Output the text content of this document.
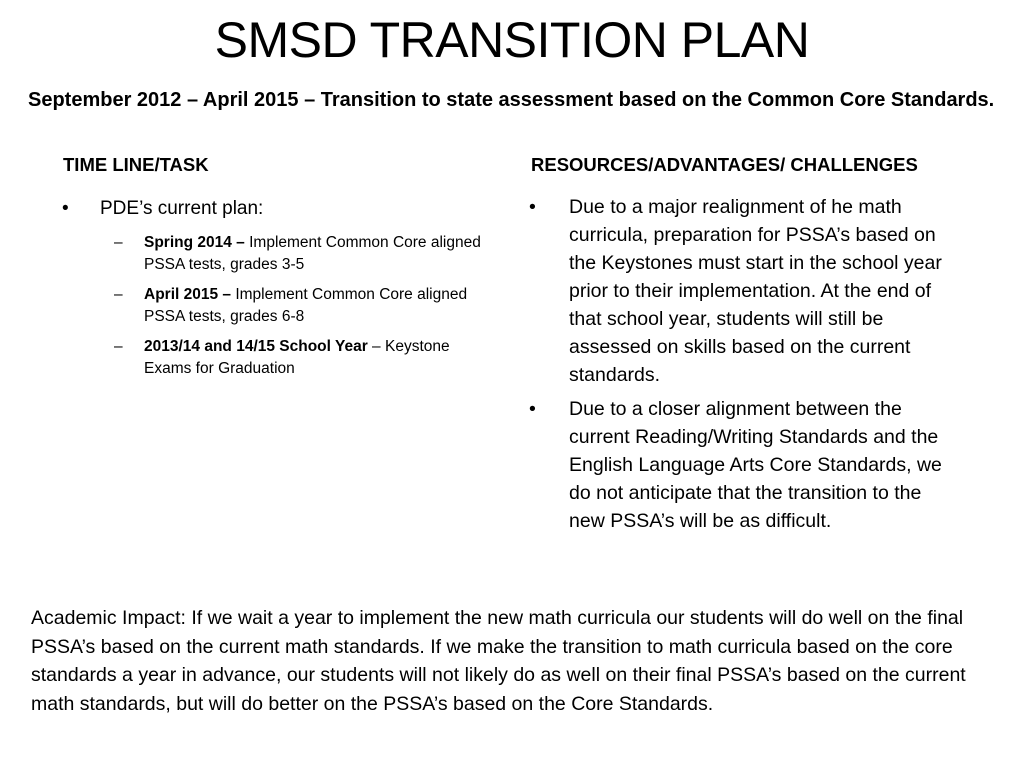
SMSD TRANSITION PLAN
September 2012 – April 2015 – Transition to state assessment based on the Common Core Standards.
TIME LINE/TASK	RESOURCES/ADVANTAGES/ CHALLENGES
•	PDE’s current plan:
–	Spring 2014 – Implement Common Core aligned PSSA tests, grades 3-5
–	April 2015 – Implement Common Core aligned PSSA tests, grades 6-8
–	2013/14 and 14/15 School Year – Keystone Exams for Graduation
•	Due to a major realignment of he math curricula, preparation for PSSA’s based on the Keystones must start in the school year prior to their implementation. At the end of that school year, students will still be assessed on skills based on the current standards.
•	Due to a closer alignment between the current Reading/Writing Standards and the English Language Arts Core Standards, we do not anticipate that the transition to the new PSSA’s will be as difficult.
Academic Impact: If we wait a year to implement the new math curricula our students will do well on the final PSSA’s based on the current math standards. If we make the transition to math curricula based on the core standards a year in advance, our students will not likely do as well on their final PSSA’s based on the current math standards, but will do better on the PSSA’s based on the Core Standards.
